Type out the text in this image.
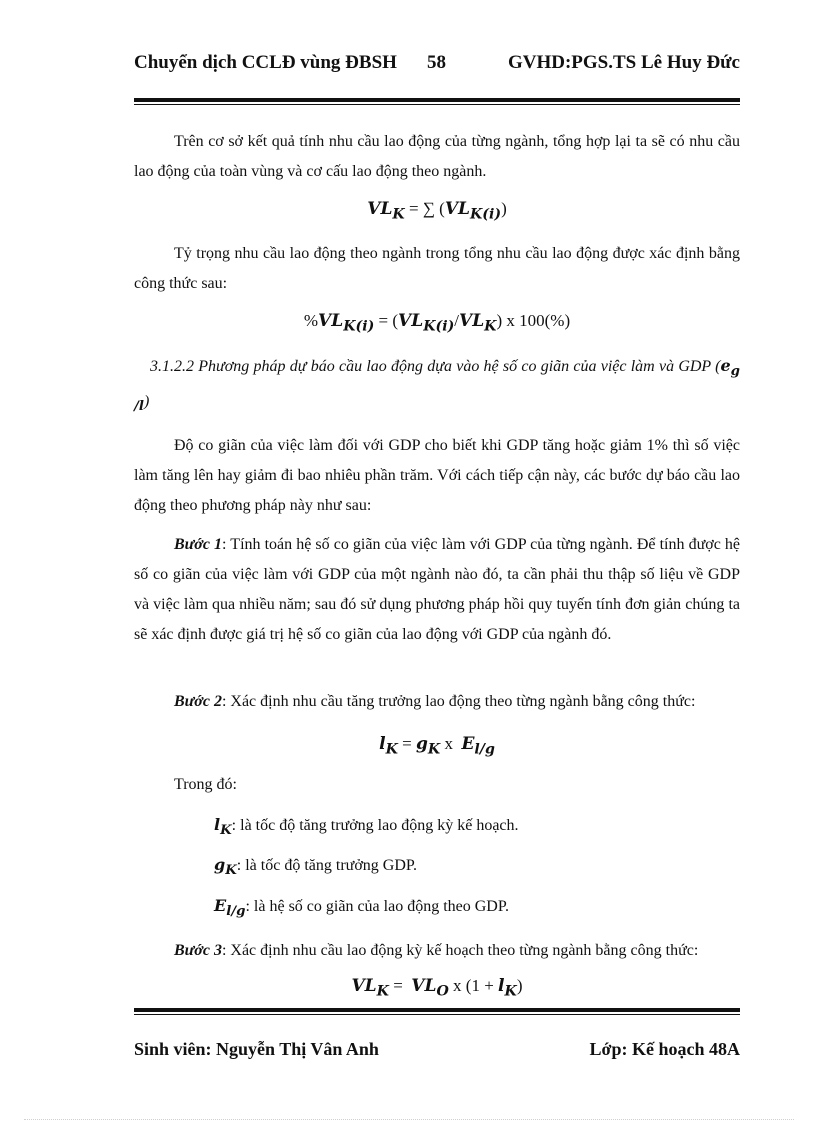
Chuyển dịch CCLĐ vùng ĐBSH 58	GVHD:PGS.TS Lê Huy Đức
Trên cơ sở kết quả tính nhu cầu lao động của từng ngành, tổng hợp lại ta sẽ có nhu cầu lao động của toàn vùng và cơ cấu lao động theo ngành.
$VL_K$ = ∑ $(VL_{K(i)})$
Tỷ trọng nhu cầu lao động theo ngành trong tổng nhu cầu lao động được xác định bằng công thức sau:
$\%VL_{K(i)} = (VL_{K(i)}/VL_K)$ x 100(%)
3.1.2.2 Phương pháp dự báo cầu lao động dựa vào hệ số co giãn của việc làm và GDP $(e_{g /l})$
Độ co giãn của việc làm đối với GDP cho biết khi GDP tăng hoặc giảm 1% thì số việc làm tăng lên hay giảm đi bao nhiêu phần trăm. Với cách tiếp cận này, các bước dự báo cầu lao động theo phương pháp này như sau:
Bước 1: Tính toán hệ số co giãn của việc làm với GDP của từng ngành. Để tính được hệ số co giãn của việc làm với GDP của một ngành nào đó, ta cần phải thu thập số liệu về GDP và việc làm qua nhiều năm; sau đó sử dụng phương pháp hồi quy tuyến tính đơn giản chúng ta sẽ xác định được giá trị hệ số co giãn của lao động với GDP của ngành đó.
Bước 2: Xác định nhu cầu tăng trưởng lao động theo từng ngành bằng công thức:
$l_K = g_K$ x  $E_{l/g}$
Trong đó:
$l_K$: là tốc độ tăng trưởng lao động kỳ kế hoạch.
$g_K$: là tốc độ tăng trưởng GDP.
$E_{l/g}$: là hệ số co giãn của lao động theo GDP.
Bước 3: Xác định nhu cầu lao động kỳ kế hoạch theo từng ngành bằng công thức:
$VL_K = VL_O$ x $(1 + l_K)$
Sinh viên: Nguyễn Thị Vân Anh	Lớp: Kế hoạch 48A
